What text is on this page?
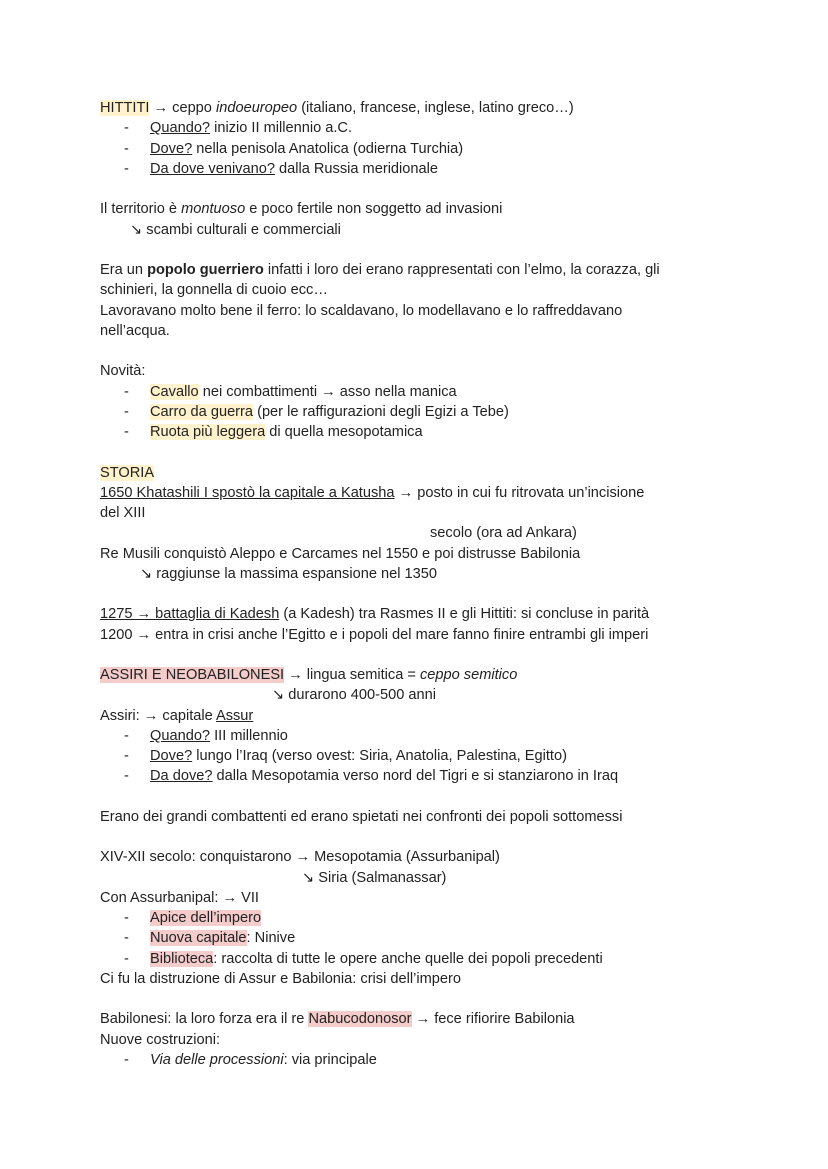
HITTITI → ceppo indoeuropeo (italiano, francese, inglese, latino greco…)
- Quando? inizio II millennio a.C.
- Dove? nella penisola Anatolica (odierna Turchia)
- Da dove venivano? dalla Russia meridionale
Il territorio è montuoso e poco fertile non soggetto ad invasioni
↘ scambi culturali e commerciali
Era un popolo guerriero infatti i loro dei erano rappresentati con l’elmo, la corazza, gli
schinieri, la gonnella di cuoio ecc…
Lavoravano molto bene il ferro: lo scaldavano, lo modellavano e lo raffreddavano
nell’acqua.
Novità:
- Cavallo nei combattimenti → asso nella manica
- Carro da guerra (per le raffigurazioni degli Egizi a Tebe)
- Ruota più leggera di quella mesopotamica
STORIA
1650 Khatashili I spostò la capitale a Katusha → posto in cui fu ritrovata un’incisione
del XIII
secolo (ora ad Ankara)
Re Musili conquistò Aleppo e Carcames nel 1550 e poi distrusse Babilonia
↘ raggiunse la massima espansione nel 1350
1275 → battaglia di Kadesh (a Kadesh) tra Rasmes II e gli Hittiti: si concluse in parità
1200 → entra in crisi anche l’Egitto e i popoli del mare fanno finire entrambi gli imperi
ASSIRI E NEOBABILONESI → lingua semitica = ceppo semitico
↘ durarono 400-500 anni
Assiri: → capitale Assur
- Quando? III millennio
- Dove? lungo l’Iraq (verso ovest: Siria, Anatolia, Palestina, Egitto)
- Da dove? dalla Mesopotamia verso nord del Tigri e si stanziarono in Iraq
Erano dei grandi combattenti ed erano spietati nei confronti dei popoli sottomessi
XIV-XII secolo: conquistarono → Mesopotamia (Assurbanipal)
↘ Siria (Salmanassar)
Con Assurbanipal: → VII
- Apice dell’impero
- Nuova capitale: Ninive
- Biblioteca: raccolta di tutte le opere anche quelle dei popoli precedenti
Ci fu la distruzione di Assur e Babilonia: crisi dell’impero
Babilonesi: la loro forza era il re Nabucodonosor → fece rifiorire Babilonia
Nuove costruzioni:
- Via delle processioni: via principale
